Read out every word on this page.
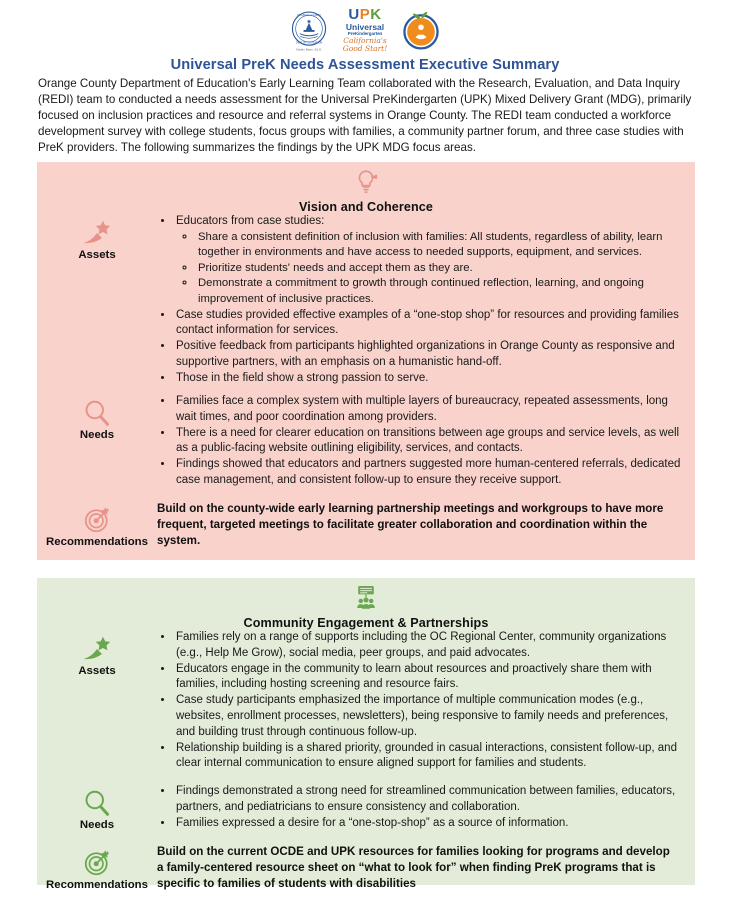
ORANGE COUNTY
DEPT OF EDUCATION
Stefan Bean, Ed.D.
UPK
Universal
PreKindergarten
California's
Good Start!
Universal PreK Needs Assessment Executive Summary
Orange County Department of Education's Early Learning Team collaborated with the Research, Evaluation, and Data Inquiry (REDI) team to conducted a needs assessment for the Universal PreKindergarten (UPK) Mixed Delivery Grant (MDG), primarily focused on inclusion practices and resource and referral systems in Orange County. The REDI team conducted a workforce development survey with college students, focus groups with families, a community partner forum, and three case studies with PreK providers. The following summarizes the findings by the UPK MDG focus areas.
Vision and Coherence
Assets
• Educators from case studies:
◦ Share a consistent definition of inclusion with families: All students, regardless of ability, learn together in environments and have access to needed supports, equipment, and services.
◦ Prioritize students' needs and accept them as they are.
◦ Demonstrate a commitment to growth through continued reflection, learning, and ongoing improvement of inclusive practices.
• Case studies provided effective examples of a “one-stop shop” for resources and providing families contact information for services.
• Positive feedback from participants highlighted organizations in Orange County as responsive and supportive partners, with an emphasis on a humanistic hand-off.
• Those in the field show a strong passion to serve.
Needs
• Families face a complex system with multiple layers of bureaucracy, repeated assessments, long wait times, and poor coordination among providers.
• There is a need for clearer education on transitions between age groups and service levels, as well as a public-facing website outlining eligibility, services, and contacts.
• Findings showed that educators and partners suggested more human-centered referrals, dedicated case management, and consistent follow-up to ensure they receive support.
Recommendations
Build on the county-wide early learning partnership meetings and workgroups to have more frequent, targeted meetings to facilitate greater collaboration and coordination within the system.
Community Engagement & Partnerships
Assets
• Families rely on a range of supports including the OC Regional Center, community organizations (e.g., Help Me Grow), social media, peer groups, and paid advocates.
• Educators engage in the community to learn about resources and proactively share them with families, including hosting screening and resource fairs.
• Case study participants emphasized the importance of multiple communication modes (e.g., websites, enrollment processes, newsletters), being responsive to family needs and preferences, and building trust through continuous follow-up.
• Relationship building is a shared priority, grounded in casual interactions, consistent follow-up, and clear internal communication to ensure aligned support for families and students.
Needs
• Findings demonstrated a strong need for streamlined communication between families, educators, partners, and pediatricians to ensure consistency and collaboration.
• Families expressed a desire for a “one-stop-shop” as a source of information.
Recommendations
Build on the current OCDE and UPK resources for families looking for programs and develop a family-centered resource sheet on “what to look for” when finding PreK programs that is specific to families of students with disabilities
